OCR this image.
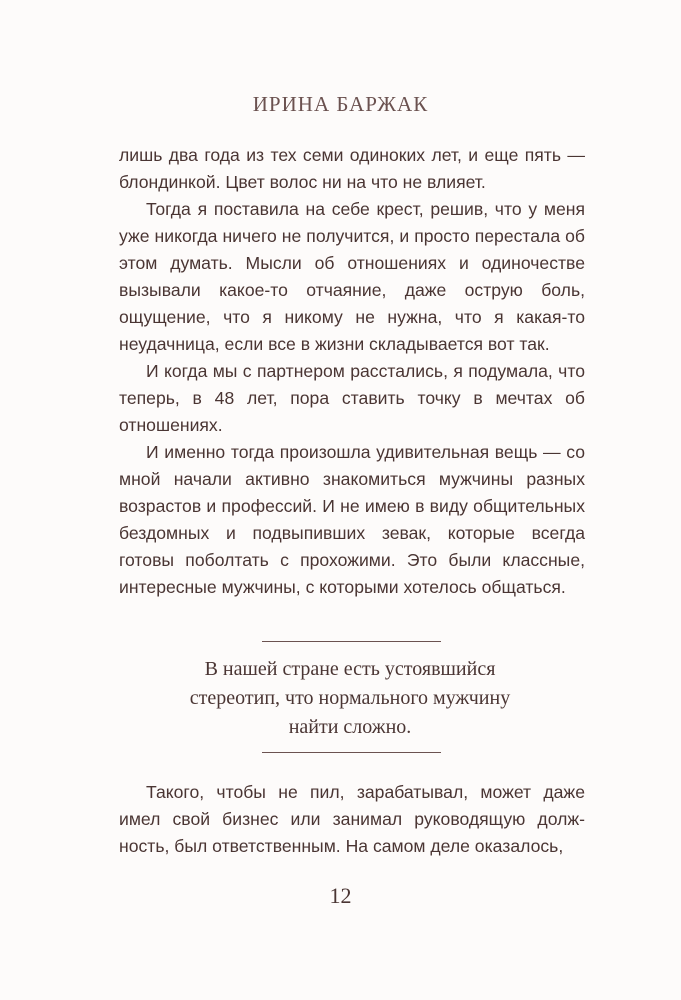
ИРИНА БАРЖАК

лишь два года из тех семи одиноких лет, и еще пять — блондинкой. Цвет волос ни на что не влияет.

Тогда я поставила на себе крест, решив, что у меня уже никогда ничего не получится, и просто перестала об этом думать. Мысли об отношениях и одиночестве вызывали какое-то отчаяние, даже острую боль, ощущение, что я никому не нужна, что я какая-то неудачница, если все в жизни складывается вот так.

И когда мы с партнером расстались, я подумала, что теперь, в 48 лет, пора ставить точку в мечтах об отношениях.

И именно тогда произошла удивительная вещь — со мной начали активно знакомиться мужчины разных возрастов и профессий. И не имею в виду общительных бездомных и подвыпивших зевак, которые всегда готовы поболтать с прохожими. Это были классные, интересные мужчины, с которыми хотелось общаться.

В нашей стране есть устоявшийся
стереотип, что нормального мужчину
найти сложно.

Такого, чтобы не пил, зарабатывал, может даже имел свой бизнес или занимал руководящую должность, был ответственным. На самом деле оказалось,

12
